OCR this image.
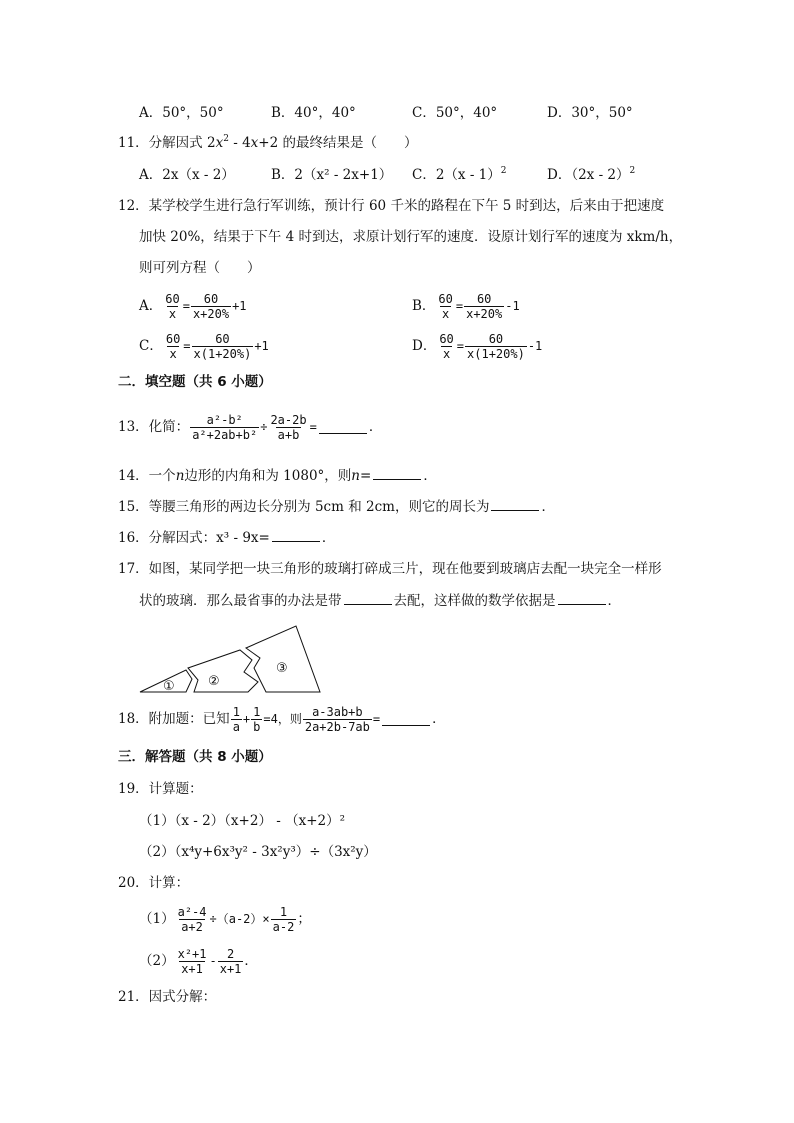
A．50°，50°	B．40°，40°	C．50°，40°	D．30°，50°
11．分解因式 $2x^2 - 4x+2$ 的最终结果是（　　）
A．2x（x - 2）	B．2（x² - 2x+1） C．2（x - 1）$^2$	D．（2x - 2）$^2$
12．某学校学生进行急行军训练，预计行 60 千米的路程在下午 5 时到达，后来由于把速度
加快 20%，结果于下午 4 时到达，求原计划行军的速度．设原计划行军的速度为 xkm/h，
则可列方程（　　）
A． $\frac{60}{x} = \frac{60}{x+20\%} +1$	B． $\frac{60}{x} = \frac{60}{x+20\%} -1$
C． $\frac{60}{x} = \frac{60}{x(1+20\%)} +1$	D． $\frac{60}{x} = \frac{60}{x(1+20\%)} -1$
二．填空题（共 6 小题）
13．化简： $\frac{\text{a²-b²}}{\text{a²+2ab+b²}} \div \frac{2a-2b}{a+b}$ =	．
14．一个n边形的内角和为 1080°，则n=	．
15．等腰三角形的两边长分别为 5cm 和 2cm，则它的周长为	．
16．分解因式：x³ - 9x=	．
17．如图，某同学把一块三角形的玻璃打碎成三片，现在他要到玻璃店去配一块完全一样形
状的玻璃．那么最省事的办法是带	去配，这样做的数学依据是	．
①	②
③
18．附加题：已知 1
a
+ $\frac{1}{b} =4$，则 $\frac{a-3ab+b}{2a+2b-7ab}$ =	．
三．解答题（共 8 小题）
19．计算题：
（1）（x - 2）（x+2） - （x+2）²
（2）（x⁴y+6x³y² - 3x²y³）÷（3x²y）
20．计算：
$(1) \frac{\text{a²-4}}{a+2} \div(a-2)\times \frac{1}{a-2}$ ；
（2） x²+1
x+1
-
2
x+1 ．
21．因式分解：
